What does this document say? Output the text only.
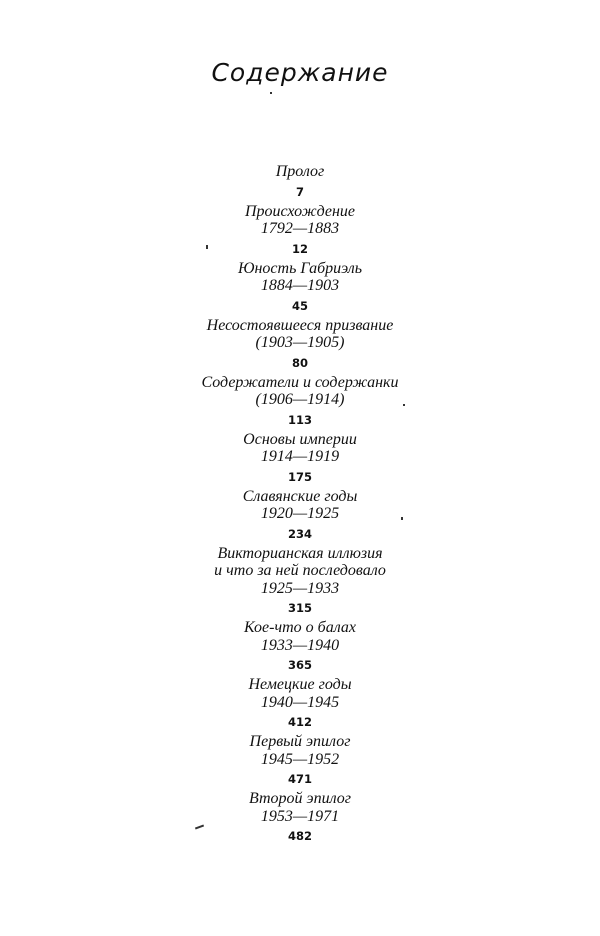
Содержание
Пролог
7
Происхождение
1792—1883
12
Юность Габриэль
1884—1903
45
Несостоявшееся призвание
(1903—1905)
80
Содержатели и содержанки
(1906—1914)
113
Основы империи
1914—1919
175
Славянские годы
1920—1925
234
Викторианская иллюзия
и что за ней последовало
1925—1933
315
Кое-что о балах
1933—1940
365
Немецкие годы
1940—1945
412
Первый эпилог
1945—1952
471
Второй эпилог
1953—1971
482
